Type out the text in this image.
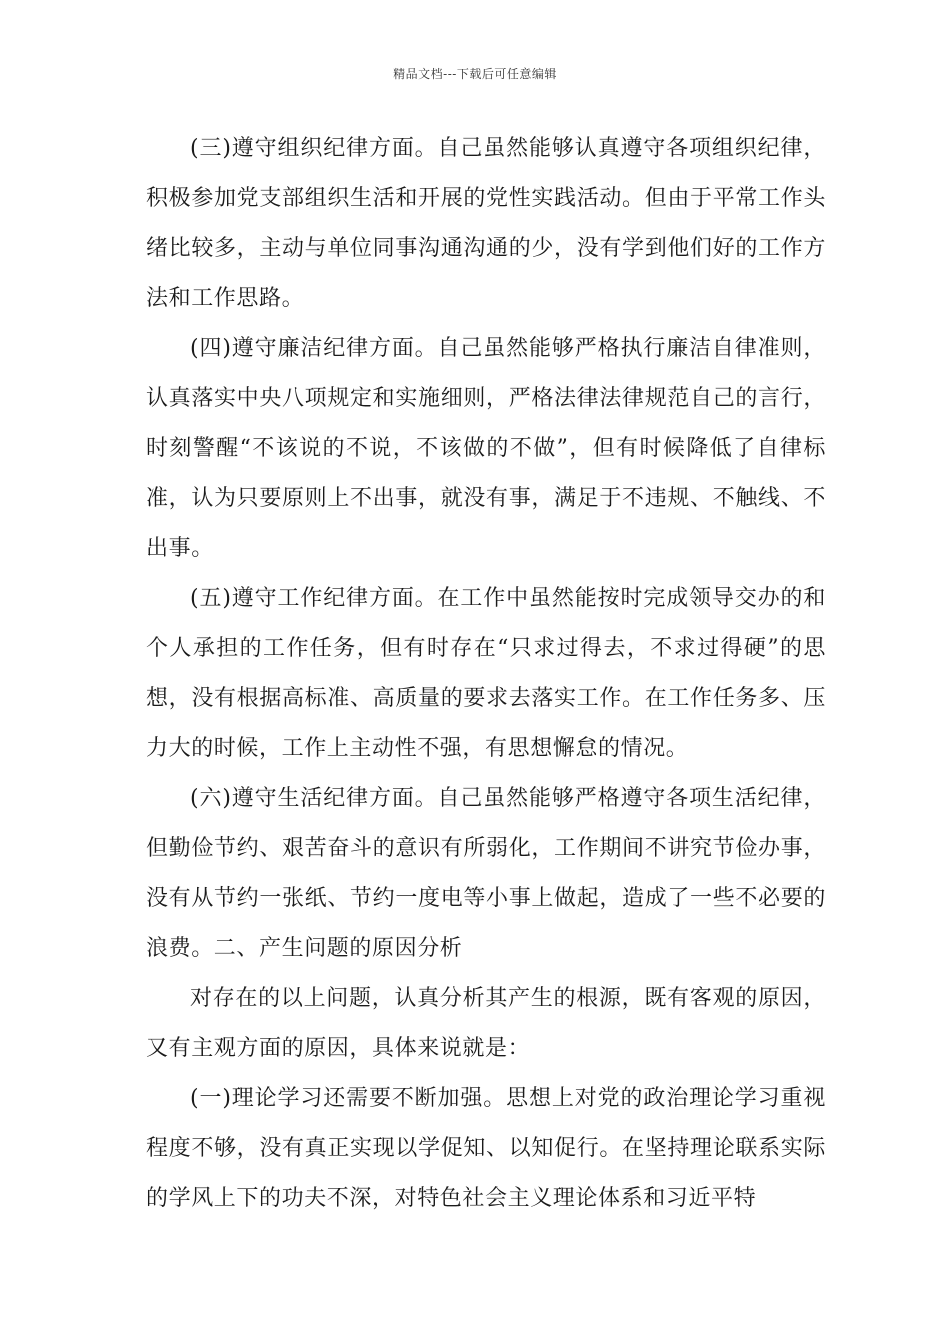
精品文档---下载后可任意编辑

(三)遵守组织纪律方面。自己虽然能够认真遵守各项组织纪律，积极参加党支部组织生活和开展的党性实践活动。但由于平常工作头绪比较多，主动与单位同事沟通沟通的少，没有学到他们好的工作方法和工作思路。

(四)遵守廉洁纪律方面。自己虽然能够严格执行廉洁自律准则，认真落实中央八项规定和实施细则，严格法律法律规范自己的言行，时刻警醒“不该说的不说，不该做的不做”，但有时候降低了自律标准，认为只要原则上不出事，就没有事，满足于不违规、不触线、不出事。

(五)遵守工作纪律方面。在工作中虽然能按时完成领导交办的和个人承担的工作任务，但有时存在“只求过得去，不求过得硬”的思想，没有根据高标准、高质量的要求去落实工作。在工作任务多、压力大的时候，工作上主动性不强，有思想懈怠的情况。

(六)遵守生活纪律方面。自己虽然能够严格遵守各项生活纪律，但勤俭节约、艰苦奋斗的意识有所弱化，工作期间不讲究节俭办事，没有从节约一张纸、节约一度电等小事上做起，造成了一些不必要的浪费。二、产生问题的原因分析

对存在的以上问题，认真分析其产生的根源，既有客观的原因，又有主观方面的原因，具体来说就是：

(一)理论学习还需要不断加强。思想上对党的政治理论学习重视程度不够，没有真正实现以学促知、以知促行。在坚持理论联系实际的学风上下的功夫不深，对特色社会主义理论体系和习近平特
